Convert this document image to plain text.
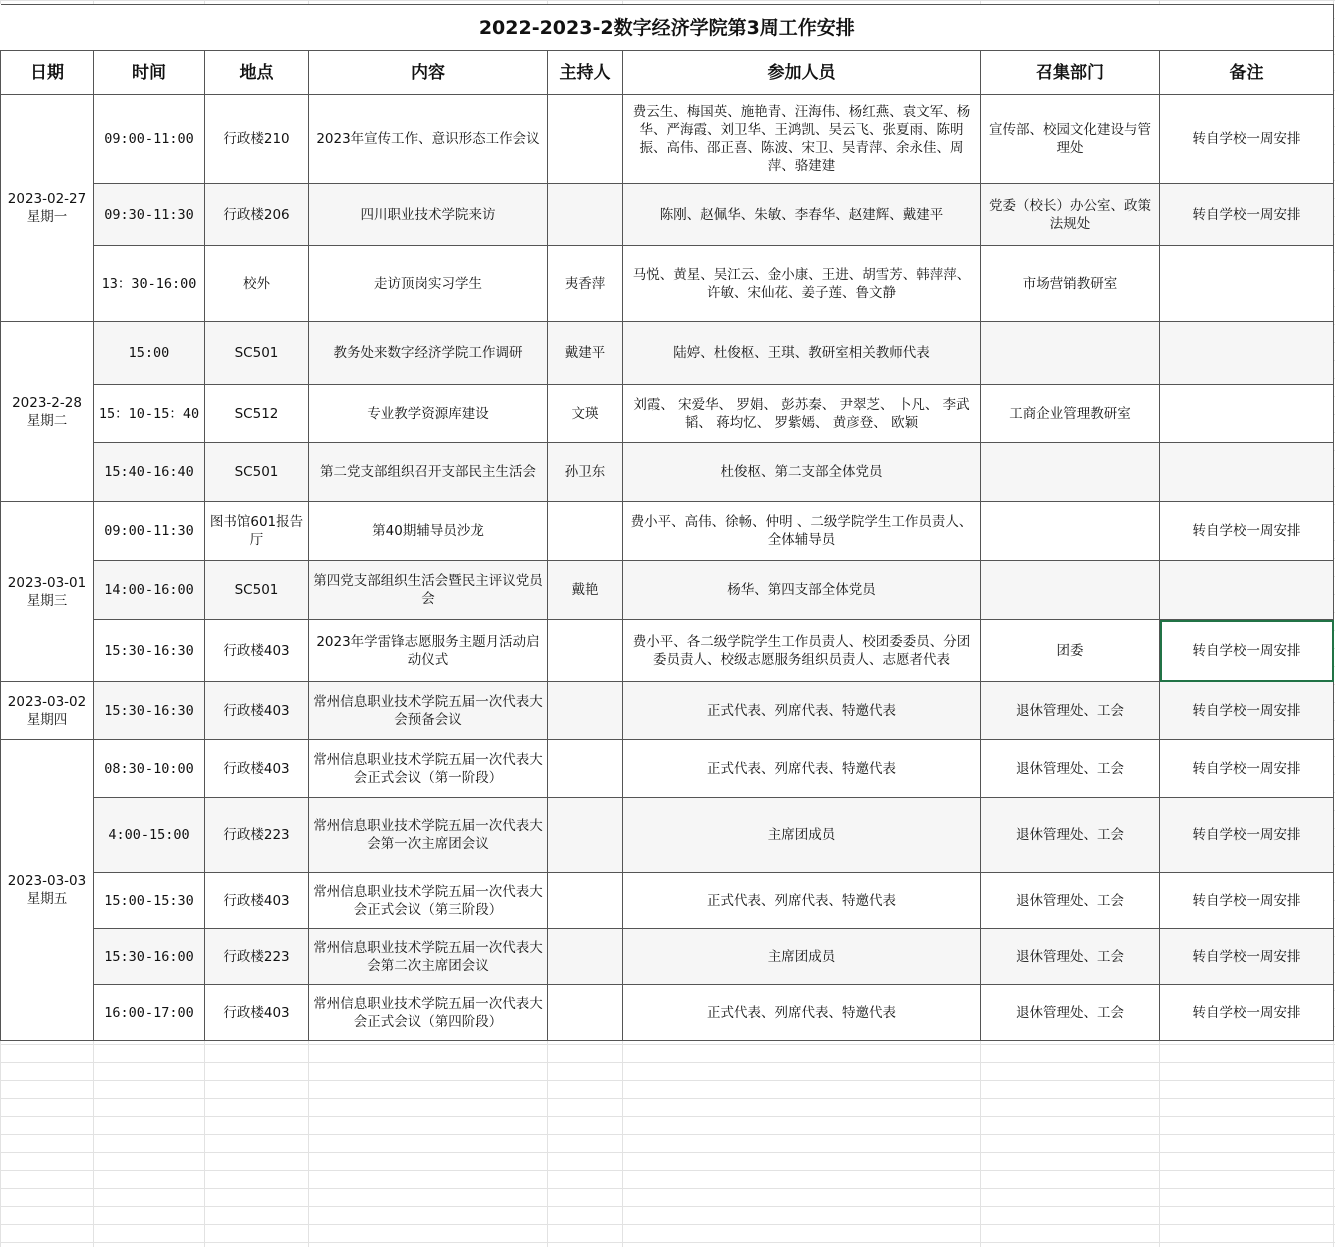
2022-2023-2数字经济学院第3周工作安排							
日期	时间	地点	内容	主持人	参加人员	召集部门	备注

2023-02-27
星期一	09:00-11:00	行政楼210	2023年宣传工作、意识形态工作会议		费云生、梅国英、施艳青、汪海伟、杨红燕、袁文军、杨华、严海霞、刘卫华、王鸿凯、吴云飞、张夏雨、陈明振、高伟、邵正喜、陈波、宋卫、吴青萍、余永佳、周萍、骆建建	宣传部、校园文化建设与管理处	转自学校一周安排
	09:30-11:30	行政楼206	四川职业技术学院来访		陈刚、赵佩华、朱敏、李春华、赵建辉、戴建平	党委（校长）办公室、政策法规处	转自学校一周安排
	13：30-16:00	校外	走访顶岗实习学生	夷香萍	马悦、黄星、吴江云、金小康、王进、胡雪芳、韩萍萍、许敏、宋仙花、姜子莲、鲁文静	市场营销教研室	

2023-2-28
星期二	15:00	SC501	教务处来数字经济学院工作调研	戴建平	陆婷、杜俊枢、王琪、教研室相关教师代表		
	15：10-15：40	SC512	专业教学资源库建设	文瑛	刘霞、 宋爱华、 罗娟、 彭苏秦、 尹翠芝、 卜凡、 李武韬、 蒋均忆、 罗紫嫣、 黄彦登、 欧颖	工商企业管理教研室	
	15:40-16:40	SC501	第二党支部组织召开支部民主生活会	孙卫东	杜俊枢、第二支部全体党员		

2023-03-01
星期三	09:00-11:30	图书馆601报告厅	第40期辅导员沙龙		费小平、高伟、徐畅、仲明 、二级学院学生工作员责人、全体辅导员		转自学校一周安排
	14:00-16:00	SC501	第四党支部组织生活会暨民主评议党员会	戴艳	杨华、第四支部全体党员		
	15:30-16:30	行政楼403	2023年学雷锋志愿服务主题月活动启动仪式		费小平、各二级学院学生工作员责人、校团委委员、分团委员责人、校级志愿服务组织员责人、志愿者代表	团委	转自学校一周安排

2023-03-02
星期四	15:30-16:30	行政楼403	常州信息职业技术学院五届一次代表大会预备会议		正式代表、列席代表、特邀代表	退休管理处、工会	转自学校一周安排

2023-03-03
星期五	08:30-10:00	行政楼403	常州信息职业技术学院五届一次代表大会正式会议（第一阶段）		正式代表、列席代表、特邀代表	退休管理处、工会	转自学校一周安排
	4:00-15:00	行政楼223	常州信息职业技术学院五届一次代表大会第一次主席团会议		主席团成员	退休管理处、工会	转自学校一周安排
	15:00-15:30	行政楼403	常州信息职业技术学院五届一次代表大会正式会议（第三阶段）		正式代表、列席代表、特邀代表	退休管理处、工会	转自学校一周安排
	15:30-16:00	行政楼223	常州信息职业技术学院五届一次代表大会第二次主席团会议		主席团成员	退休管理处、工会	转自学校一周安排
	16:00-17:00	行政楼403	常州信息职业技术学院五届一次代表大会正式会议（第四阶段）		正式代表、列席代表、特邀代表	退休管理处、工会	转自学校一周安排
